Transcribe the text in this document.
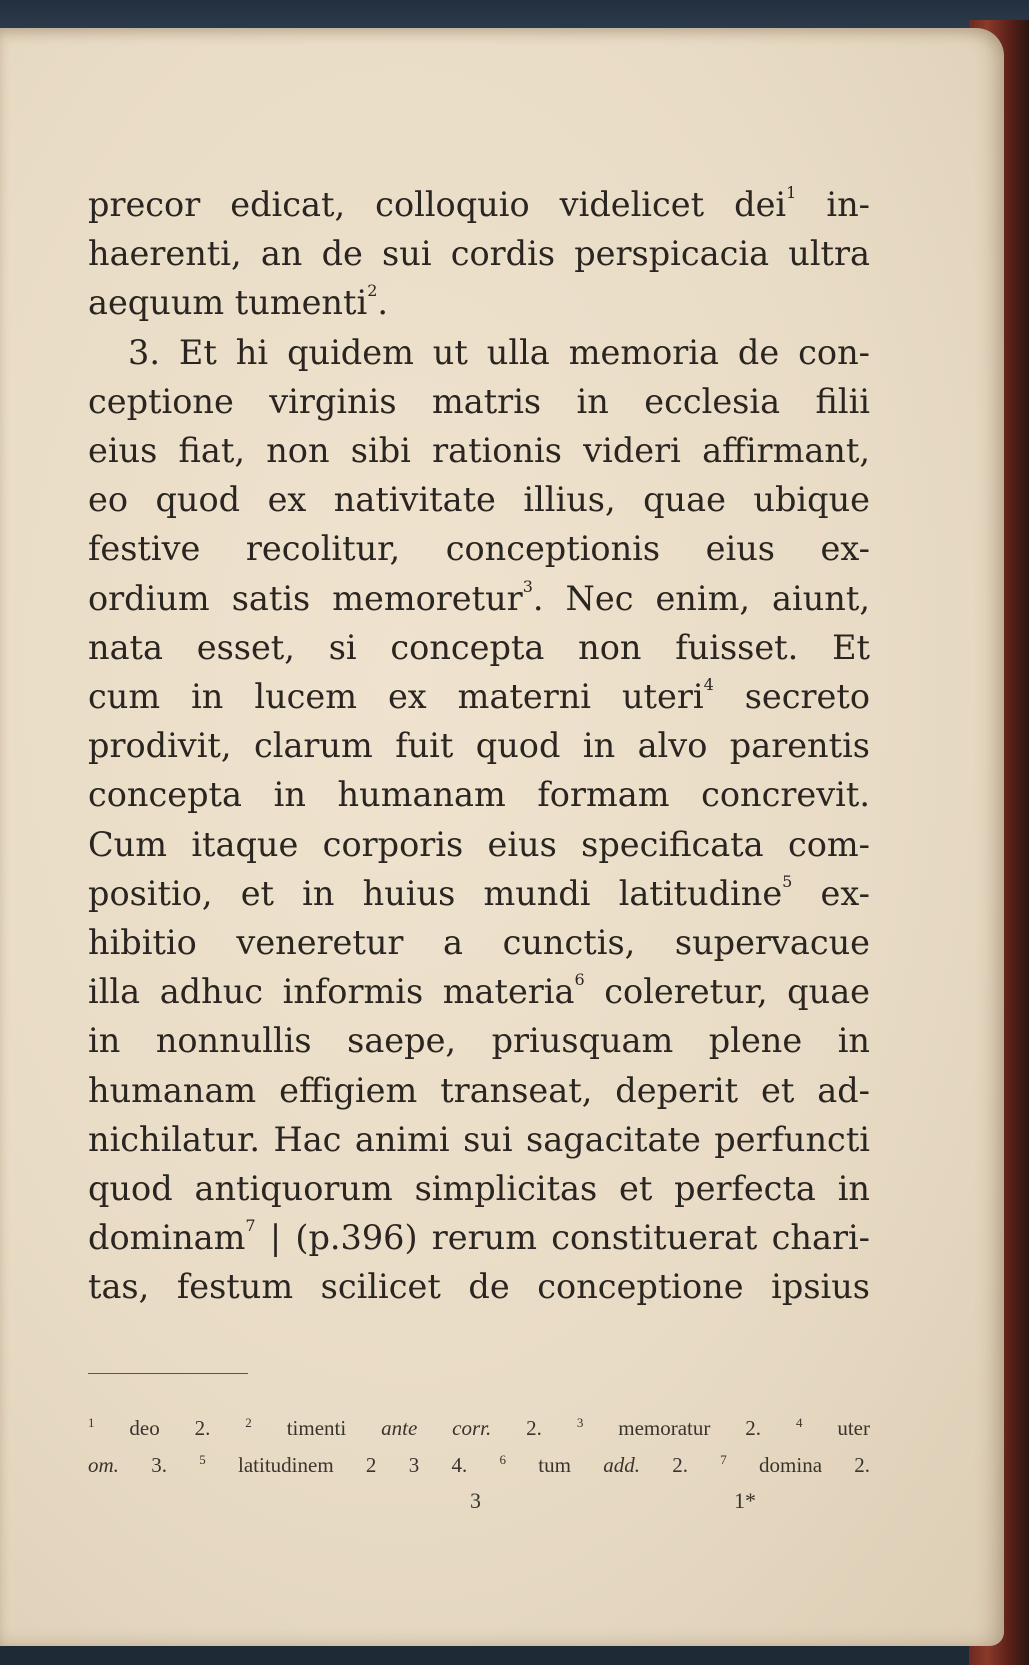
precor edicat, colloquio videlicet dei$^1$ in-
haerenti, an de sui cordis perspicacia ultra
aequum tumenti$^2$.
3. Et hi quidem ut ulla memoria de con-
ceptione virginis matris in ecclesia filii
eius fiat, non sibi rationis videri affirmant,
eo quod ex nativitate illius, quae ubique
festive recolitur, conceptionis eius ex-
ordium satis memoretur$^3$. Nec enim, aiunt,
nata esset, si concepta non fuisset. Et
cum in lucem ex materni uteri$^4$ secreto
prodivit, clarum fuit quod in alvo parentis
concepta in humanam formam concrevit.
Cum itaque corporis eius specificata com-
positio, et in huius mundi latitudine$^5$ ex-
hibitio veneretur a cunctis, supervacue
illa adhuc informis materia$^6$ coleretur, quae
in nonnullis saepe, priusquam plene in
humanam effigiem transeat, deperit et ad-
nichilatur. Hac animi sui sagacitate perfuncti
quod antiquorum simplicitas et perfecta in
dominam$^7$ | (p.396) rerum constituerat chari-
tas, festum scilicet de conceptione ipsius
$^1$ deo 2.	$^2$ timenti ante corr. 2.	$^3$ memoratur 2.	$^4$ uter
om. 3. $^5$ latitudinem 2 3 4. $^6$ tum add. 2. $^7$ domina 2.
3	1*
